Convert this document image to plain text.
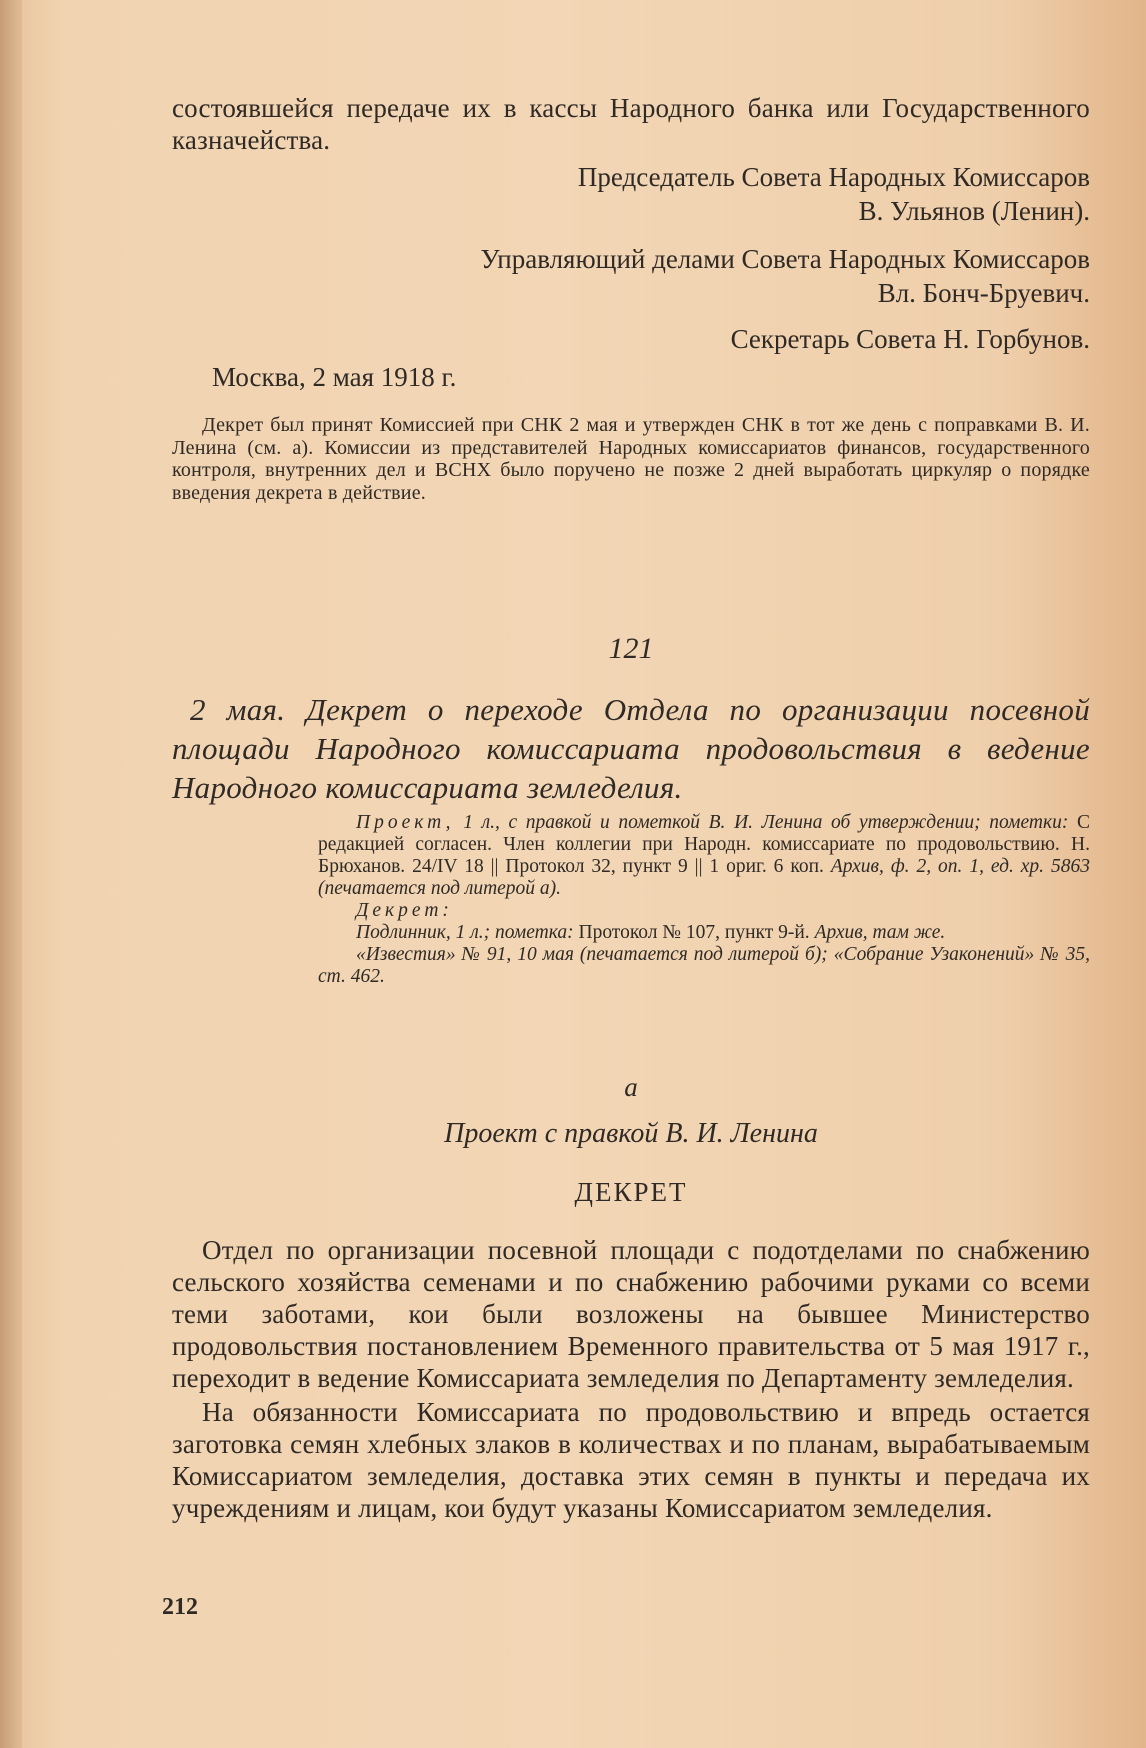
состоявшейся передаче их в кассы Народного банка или Государственного казначейства.

Председатель Совета Народных Комиссаров

В. Ульянов (Ленин).

Управляющий делами Совета Народных Комиссаров

Вл. Бонч-Бруевич.

Секретарь Совета Н. Горбунов.

Москва, 2 мая 1918 г.

Декрет был принят Комиссией при СНК 2 мая и утвержден СНК в тот же день с поправками В. И. Ленина (см. а). Комиссии из представителей Народных комиссариатов финансов, государственного контроля, внутренних дел и ВСНХ было поручено не позже 2 дней выработать циркуляр о порядке введения декрета в действие.

121

2 мая. Декрет о переходе Отдела по организации посевной площади Народного комиссариата продовольствия в ведение Народного комиссариата земледелия.

Проект, 1 л., с правкой и пометкой В. И. Ленина об утверждении; пометки: С редакцией согласен. Член коллегии при Народн. комиссариате по продовольствию. Н. Брюханов. 24/IV 18 || Протокол 32, пункт 9 || 1 ориг. 6 коп. Архив, ф. 2, оп. 1, ед. хр. 5863 (печатается под литерой а).

Декрет:

Подлинник, 1 л.; пометка: Протокол № 107, пункт 9-й. Архив, там же.

«Известия» № 91, 10 мая (печатается под литерой б); «Собрание Узаконений» № 35, ст. 462.

а
Проект с правкой В. И. Ленина
ДЕКРЕТ

Отдел по организации посевной площади с подотделами по снабжению сельского хозяйства семенами и по снабжению рабочими руками со всеми теми заботами, кои были возложены на бывшее Министерство продовольствия постановлением Временного правительства от 5 мая 1917 г., переходит в ведение Комиссариата земледелия по Департаменту земледелия.

На обязанности Комиссариата по продовольствию и впредь остается заготовка семян хлебных злаков в количествах и по планам, вырабатываемым Комиссариатом земледелия, доставка этих семян в пункты и передача их учреждениям и лицам, кои будут указаны Комиссариатом земледелия.

212
